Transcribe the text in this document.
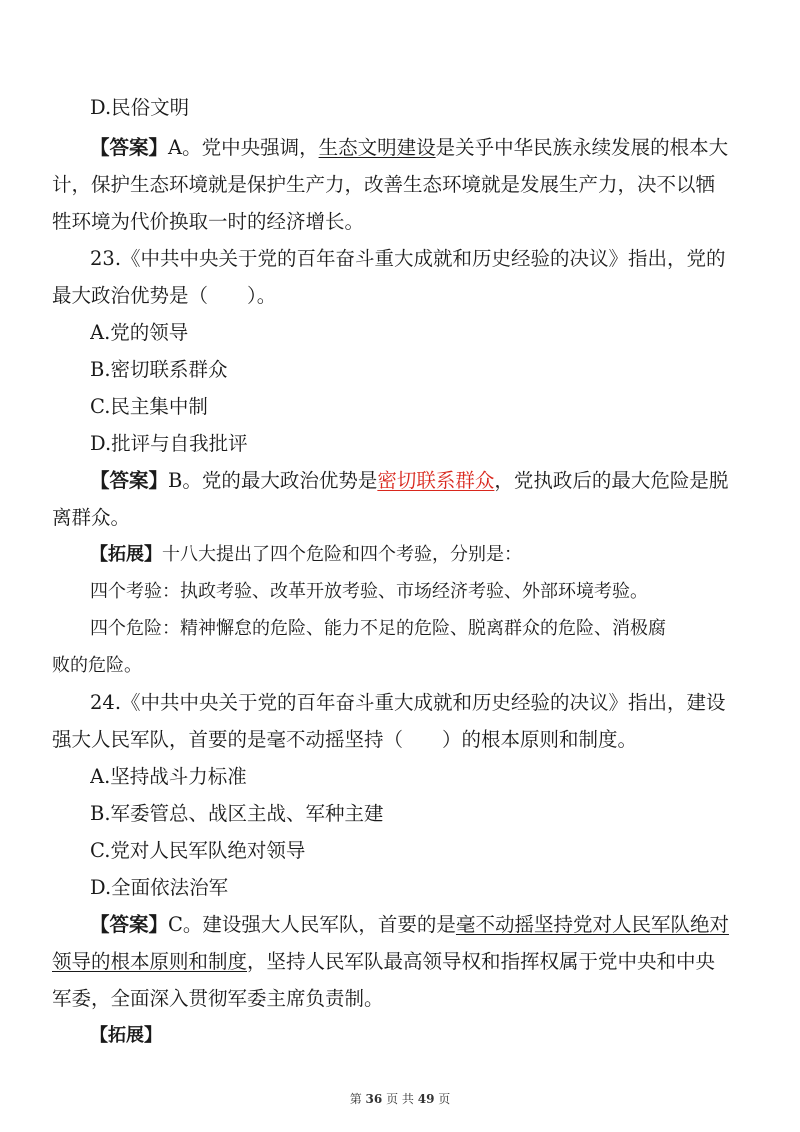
D.民俗文明
【答案】A。党中央强调，生态文明建设是关乎中华民族永续发展的根本大
计，保护生态环境就是保护生产力，改善生态环境就是发展生产力，决不以牺
牲环境为代价换取一时的经济增长。
23.《中共中央关于党的百年奋斗重大成就和历史经验的决议》指出，党的
最大政治优势是（　　）。
A.党的领导
B.密切联系群众
C.民主集中制
D.批评与自我批评
【答案】B。党的最大政治优势是密切联系群众，党执政后的最大危险是脱
离群众。
【拓展】十八大提出了四个危险和四个考验，分别是：
四个考验：执政考验、改革开放考验、市场经济考验、外部环境考验。
四个危险：精神懈怠的危险、能力不足的危险、脱离群众的危险、消极腐
败的危险。
24.《中共中央关于党的百年奋斗重大成就和历史经验的决议》指出，建设
强大人民军队，首要的是毫不动摇坚持（　　）的根本原则和制度。
A.坚持战斗力标准
B.军委管总、战区主战、军种主建
C.党对人民军队绝对领导
D.全面依法治军
【答案】C。建设强大人民军队，首要的是毫不动摇坚持党对人民军队绝对
领导的根本原则和制度，坚持人民军队最高领导权和指挥权属于党中央和中央
军委，全面深入贯彻军委主席负责制。
【拓展】
第 36 页 共 49 页
